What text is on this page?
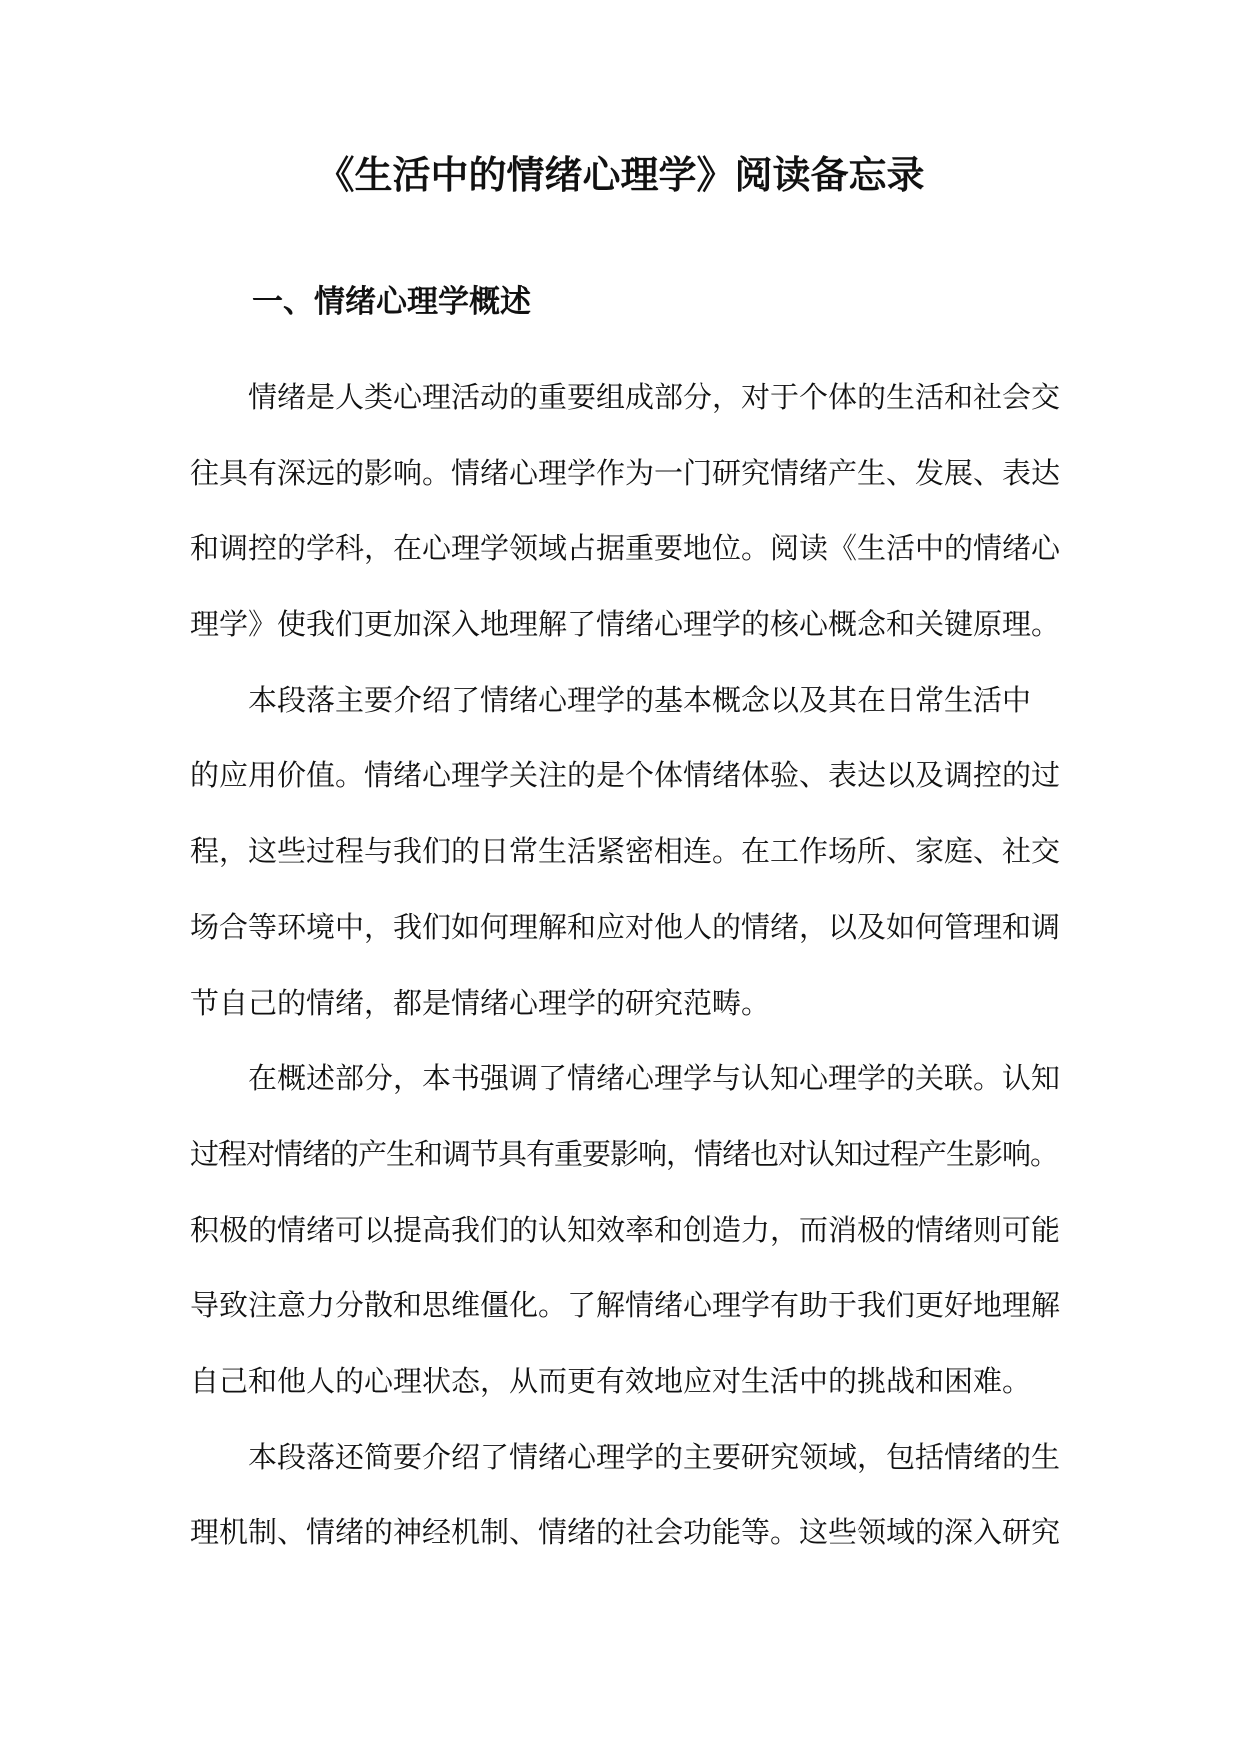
《生活中的情绪心理学》阅读备忘录
一、情绪心理学概述

情绪是人类心理活动的重要组成部分，对于个体的生活和社会交
往具有深远的影响。情绪心理学作为一门研究情绪产生、发展、表达
和调控的学科，在心理学领域占据重要地位。阅读《生活中的情绪心
理学》使我们更加深入地理解了情绪心理学的核心概念和关键原理。

本段落主要介绍了情绪心理学的基本概念以及其在日常生活中
的应用价值。情绪心理学关注的是个体情绪体验、表达以及调控的过
程，这些过程与我们的日常生活紧密相连。在工作场所、家庭、社交
场合等环境中，我们如何理解和应对他人的情绪，以及如何管理和调
节自己的情绪，都是情绪心理学的研究范畴。

在概述部分，本书强调了情绪心理学与认知心理学的关联。认知
过程对情绪的产生和调节具有重要影响，情绪也对认知过程产生影响。
积极的情绪可以提高我们的认知效率和创造力，而消极的情绪则可能
导致注意力分散和思维僵化。了解情绪心理学有助于我们更好地理解
自己和他人的心理状态，从而更有效地应对生活中的挑战和困难。

本段落还简要介绍了情绪心理学的主要研究领域，包括情绪的生
理机制、情绪的神经机制、情绪的社会功能等。这些领域的深入研究
